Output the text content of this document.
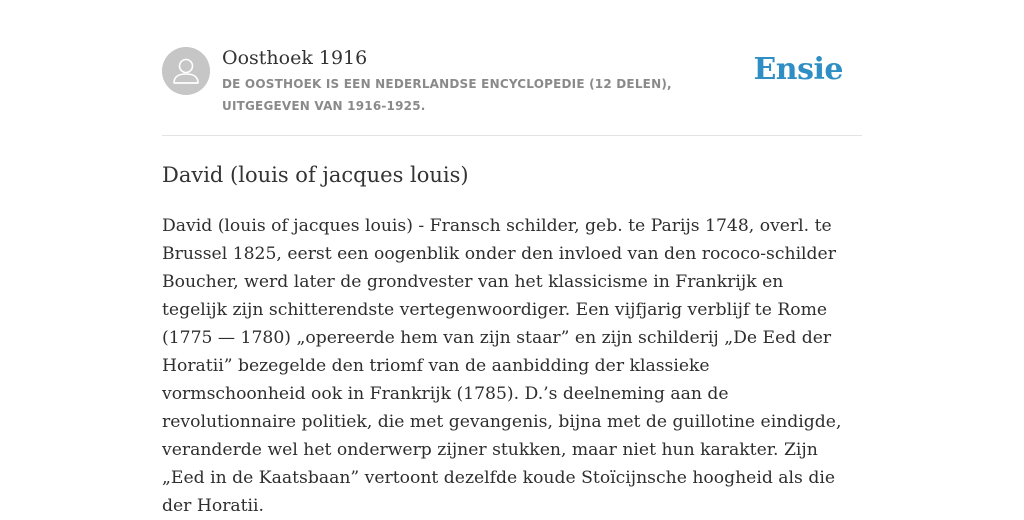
Oosthoek 1916
DE OOSTHOEK IS EEN NEDERLANDSE ENCYCLOPEDIE (12 DELEN), UITGEGEVEN VAN 1916-1925.
Ensie
David (louis of jacques louis)
David (louis of jacques louis) - Fransch schilder, geb. te Parijs 1748, overl. te Brussel 1825, eerst een oogenblik onder den invloed van den rococo-schilder Boucher, werd later de grondvester van het klassicisme in Frankrijk en tegelijk zijn schitterendste vertegenwoordiger. Een vijfjarig verblijf te Rome (1775 — 1780) „opereerde hem van zijn staar” en zijn schilderij „De Eed der Horatii” bezegelde den triomf van de aanbidding der klassieke vormschoonheid ook in Frankrijk (1785). D.’s deelneming aan de revolutionnaire politiek, die met gevangenis, bijna met de guillotine eindigde, veranderde wel het onderwerp zijner stukken, maar niet hun karakter. Zijn „Eed in de Kaatsbaan” vertoont dezelfde koude Stoïcijnsche hoogheid als die der Horatii.
